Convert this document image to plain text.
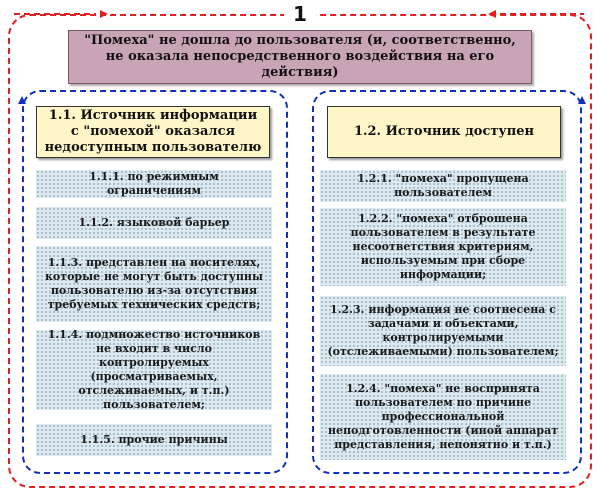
1
"Помеха" не дошла до пользователя (и, соответственно, не оказала непосредственного воздействия на его действия)
1.1. Источник информации с "помехой" оказался недоступным пользователю
1.2. Источник доступен
1.1.1. по режимным ограничениям
1.1.2. языковой барьер
1.1.3. представлен на носителях, которые не могут быть доступны пользователю из-за отсутствия требуемых технических средств;
1.1.4. подмножество источников не входит в число контролируемых (просматриваемых, отслеживаемых, и т.п.) пользователем;
1.1.5. прочие причины
1.2.1. "помеха" пропущена пользователем
1.2.2. "помеха" отброшена пользователем в результате несоответствия критериям, используемым при сборе информации;
1.2.3. информация не соотнесена с задачами и объектами, контролируемыми (отслеживаемыми) пользователем;
1.2.4. "помеха" не воспринята пользователем по причине профессиональной неподготовленности (иной аппарат представления, непонятно и т.п.)
